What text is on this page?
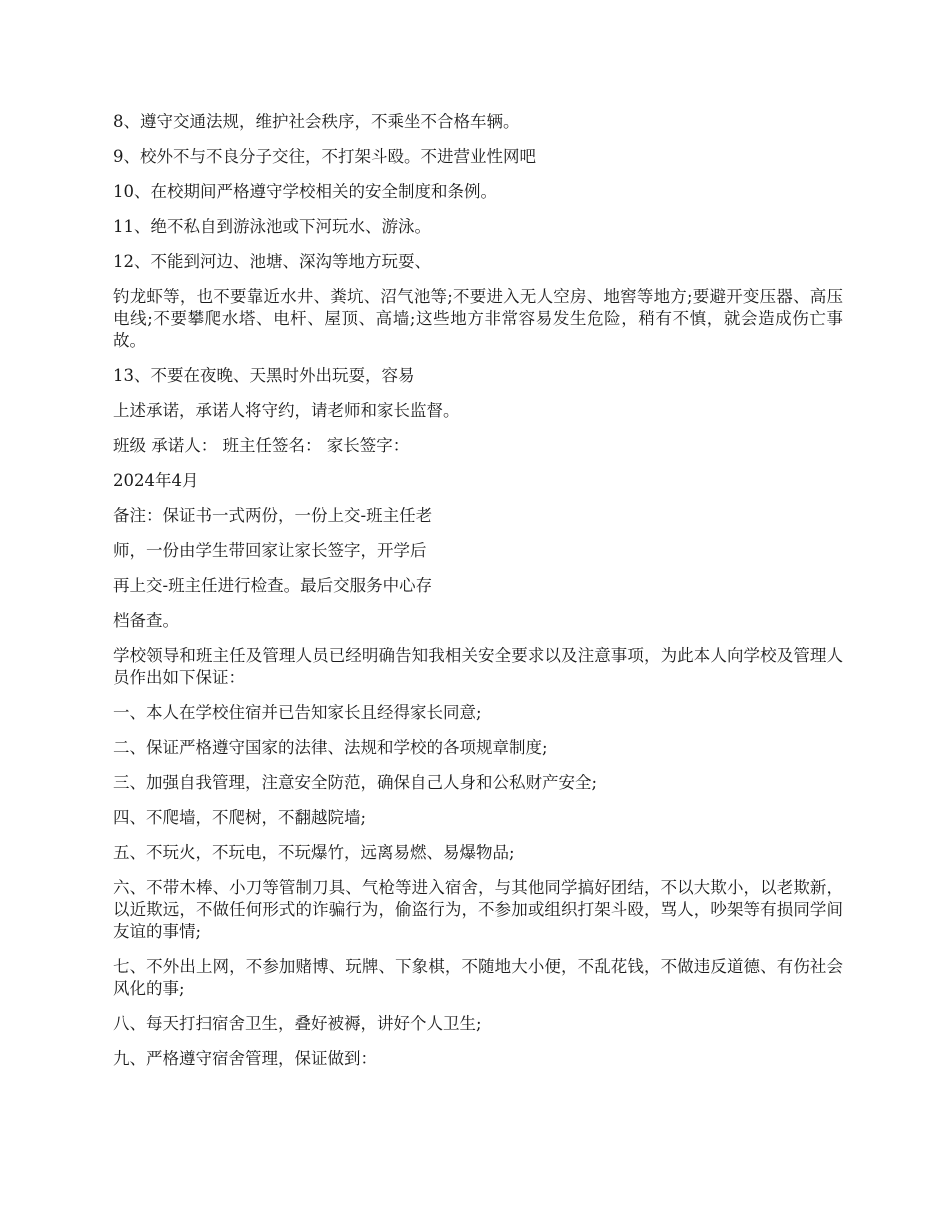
8、遵守交通法规，维护社会秩序，不乘坐不合格车辆。

9、校外不与不良分子交往，不打架斗殴。不进营业性网吧

10、在校期间严格遵守学校相关的安全制度和条例。

11、绝不私自到游泳池或下河玩水、游泳。

12、不能到河边、池塘、深沟等地方玩耍、

钓龙虾等，也不要靠近水井、粪坑、沼气池等;不要进入无人空房、地窖等地方;要避开变压器、高压电线;不要攀爬水塔、电杆、屋顶、高墙;这些地方非常容易发生危险，稍有不慎，就会造成伤亡事故。

13、不要在夜晚、天黑时外出玩耍，容易

上述承诺，承诺人将守约，请老师和家长监督。

班级 承诺人： 班主任签名： 家长签字：

2024年4月

备注：保证书一式两份，一份上交-班主任老

师，一份由学生带回家让家长签字，开学后

再上交-班主任进行检查。最后交服务中心存

档备查。

学校领导和班主任及管理人员已经明确告知我相关安全要求以及注意事项，为此本人向学校及管理人员作出如下保证：

一、本人在学校住宿并已告知家长且经得家长同意;

二、保证严格遵守国家的法律、法规和学校的各项规章制度;

三、加强自我管理，注意安全防范，确保自己人身和公私财产安全;

四、不爬墙，不爬树，不翻越院墙;

五、不玩火，不玩电，不玩爆竹，远离易燃、易爆物品;

六、不带木棒、小刀等管制刀具、气枪等进入宿舍，与其他同学搞好团结，不以大欺小，以老欺新，以近欺远，不做任何形式的诈骗行为，偷盗行为，不参加或组织打架斗殴，骂人，吵架等有损同学间友谊的事情;

七、不外出上网，不参加赌博、玩牌、下象棋，不随地大小便，不乱花钱，不做违反道德、有伤社会风化的事;

八、每天打扫宿舍卫生，叠好被褥，讲好个人卫生;

九、严格遵守宿舍管理，保证做到：
